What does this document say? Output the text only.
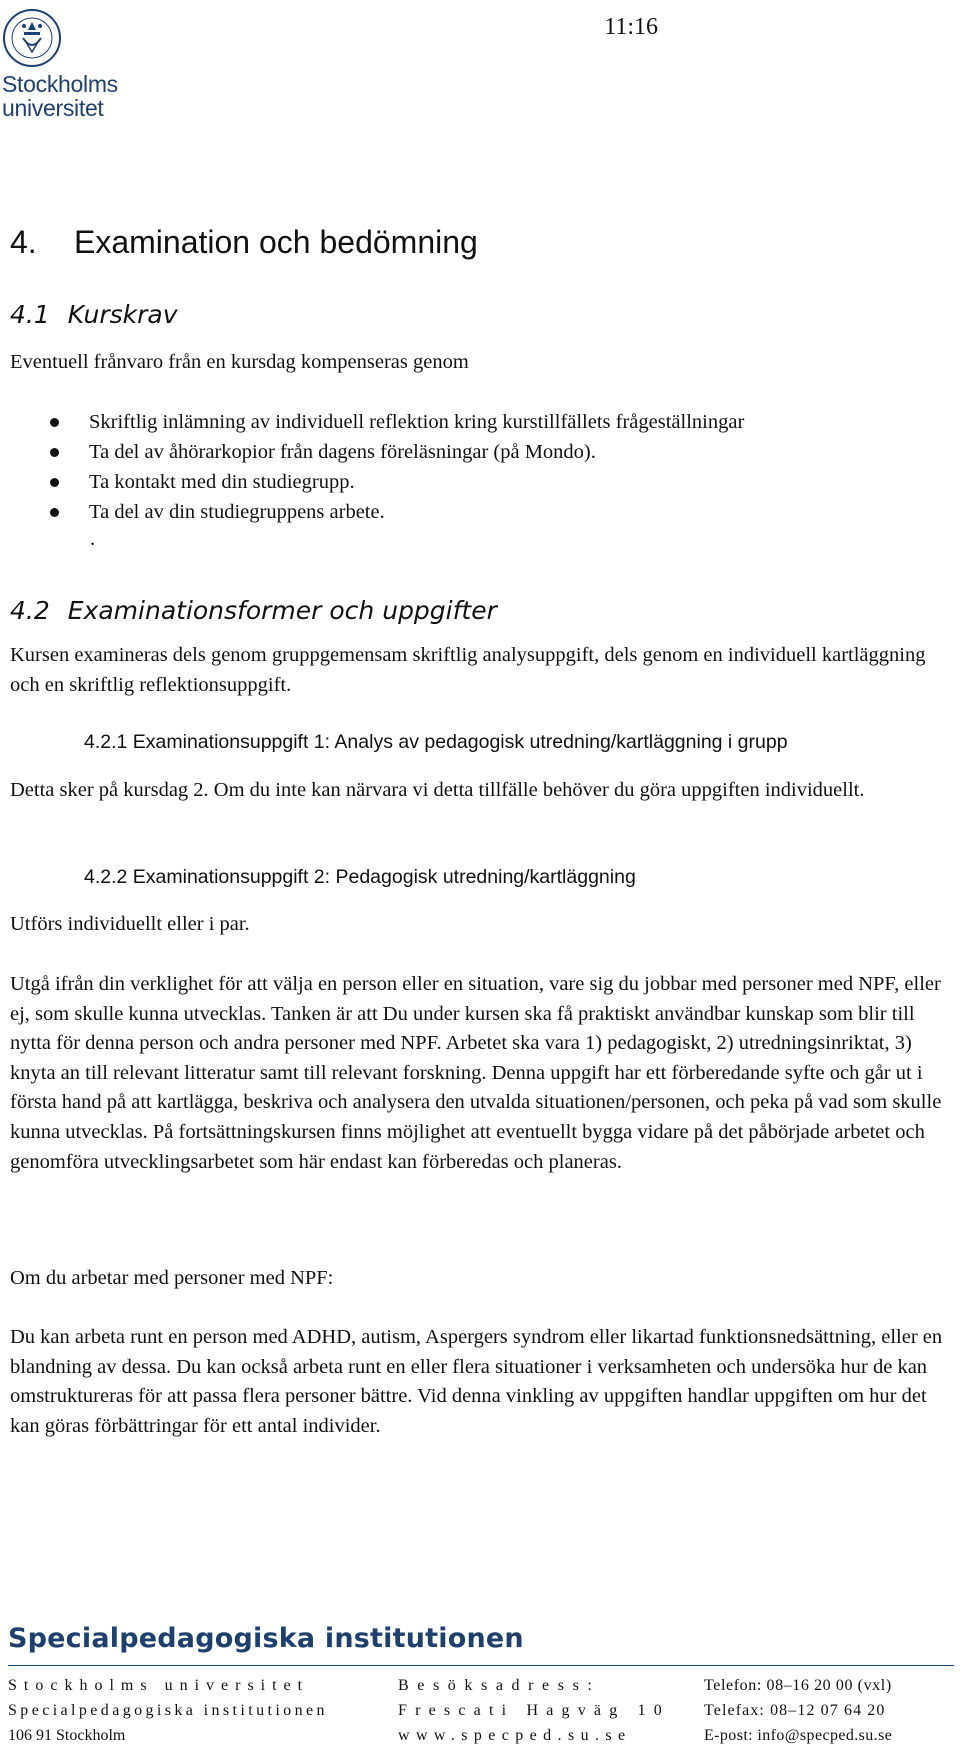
Stockholms
universitet
11:16
4. Examination och bedömning
4.1 Kurskrav
Eventuell frånvaro från en kursdag kompenseras genom
Skriftlig inlämning av individuell reflektion kring kurstillfällets frågeställningar
Ta del av åhörarkopior från dagens föreläsningar (på Mondo).
Ta kontakt med din studiegrupp.
Ta del av din studiegruppens arbete.
.
4.2 Examinationsformer och uppgifter
Kursen examineras dels genom gruppgemensam skriftlig analysuppgift, dels genom en individuell kartläggning och en skriftlig reflektionsuppgift.
4.2.1 Examinationsuppgift 1: Analys av pedagogisk utredning/kartläggning i grupp
Detta sker på kursdag 2. Om du inte kan närvara vi detta tillfälle behöver du göra uppgiften individuellt.
4.2.2 Examinationsuppgift 2: Pedagogisk utredning/kartläggning
Utförs individuellt eller i par.
Utgå ifrån din verklighet för att välja en person eller en situation, vare sig du jobbar med personer med NPF, eller ej, som skulle kunna utvecklas. Tanken är att Du under kursen ska få praktiskt användbar kunskap som blir till nytta för denna person och andra personer med NPF. Arbetet ska vara 1) pedagogiskt, 2) utredningsinriktat, 3) knyta an till relevant litteratur samt till relevant forskning. Denna uppgift har ett förberedande syfte och går ut i första hand på att kartlägga, beskriva och analysera den utvalda situationen/personen, och peka på vad som skulle kunna utvecklas. På fortsättningskursen finns möjlighet att eventuellt bygga vidare på det påbörjade arbetet och genomföra utvecklingsarbetet som här endast kan förberedas och planeras.
Om du arbetar med personer med NPF:
Du kan arbeta runt en person med ADHD, autism, Aspergers syndrom eller likartad funktionsnedsättning, eller en blandning av dessa. Du kan också arbeta runt en eller flera situationer i verksamheten och undersöka hur de kan omstruktureras för att passa flera personer bättre. Vid denna vinkling av uppgiften handlar uppgiften om hur det kan göras förbättringar för ett antal individer.
Specialpedagogiska institutionen
Stockholms universitet
Specialpedagogiska institutionen
106 91 Stockholm
Besöksadress:
Frescati Hagväg 10
www.specped.su.se
Telefon: 08–16 20 00 (vxl)
Telefax: 08–12 07 64 20
E-post: info@specped.su.se
